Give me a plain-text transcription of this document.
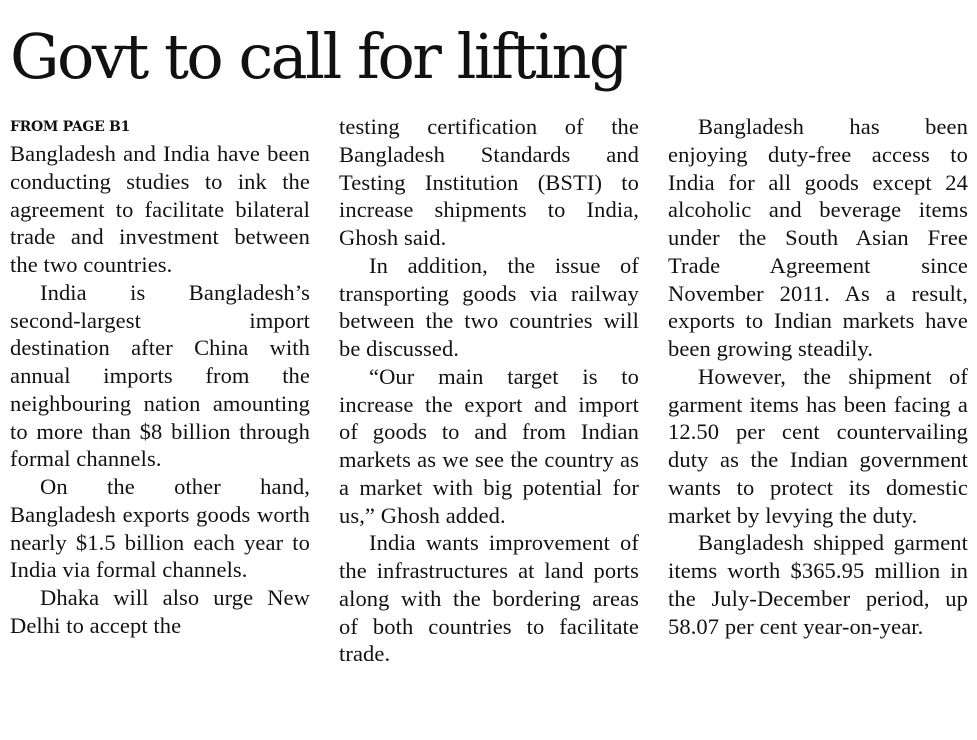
Govt to call for lifting
FROM PAGE B1

Bangladesh and India have been conducting studies to ink the agreement to facilitate bilateral trade and investment between the two countries.

India is Bangladesh’s second-largest import destination after China with annual imports from the neighbouring nation amounting to more than $8 billion through formal channels.

On the other hand, Bangladesh exports goods worth nearly $1.5 billion each year to India via formal channels.

Dhaka will also urge New Delhi to accept the

testing certification of the Bangladesh Standards and Testing Institution (BSTI) to increase shipments to India, Ghosh said.

In addition, the issue of transporting goods via railway between the two countries will be discussed.

“Our main target is to increase the export and import of goods to and from Indian markets as we see the country as a market with big potential for us,” Ghosh added.

India wants improvement of the infrastructures at land ports along with the bordering areas of both countries to facilitate trade.

Bangladesh has been enjoying duty-free access to India for all goods except 24 alcoholic and beverage items under the South Asian Free Trade Agreement since November 2011. As a result, exports to Indian markets have been growing steadily.

However, the shipment of garment items has been facing a 12.50 per cent countervailing duty as the Indian government wants to protect its domestic market by levying the duty.

Bangladesh shipped garment items worth $365.95 million in the July-December period, up 58.07 per cent year-on-year.
